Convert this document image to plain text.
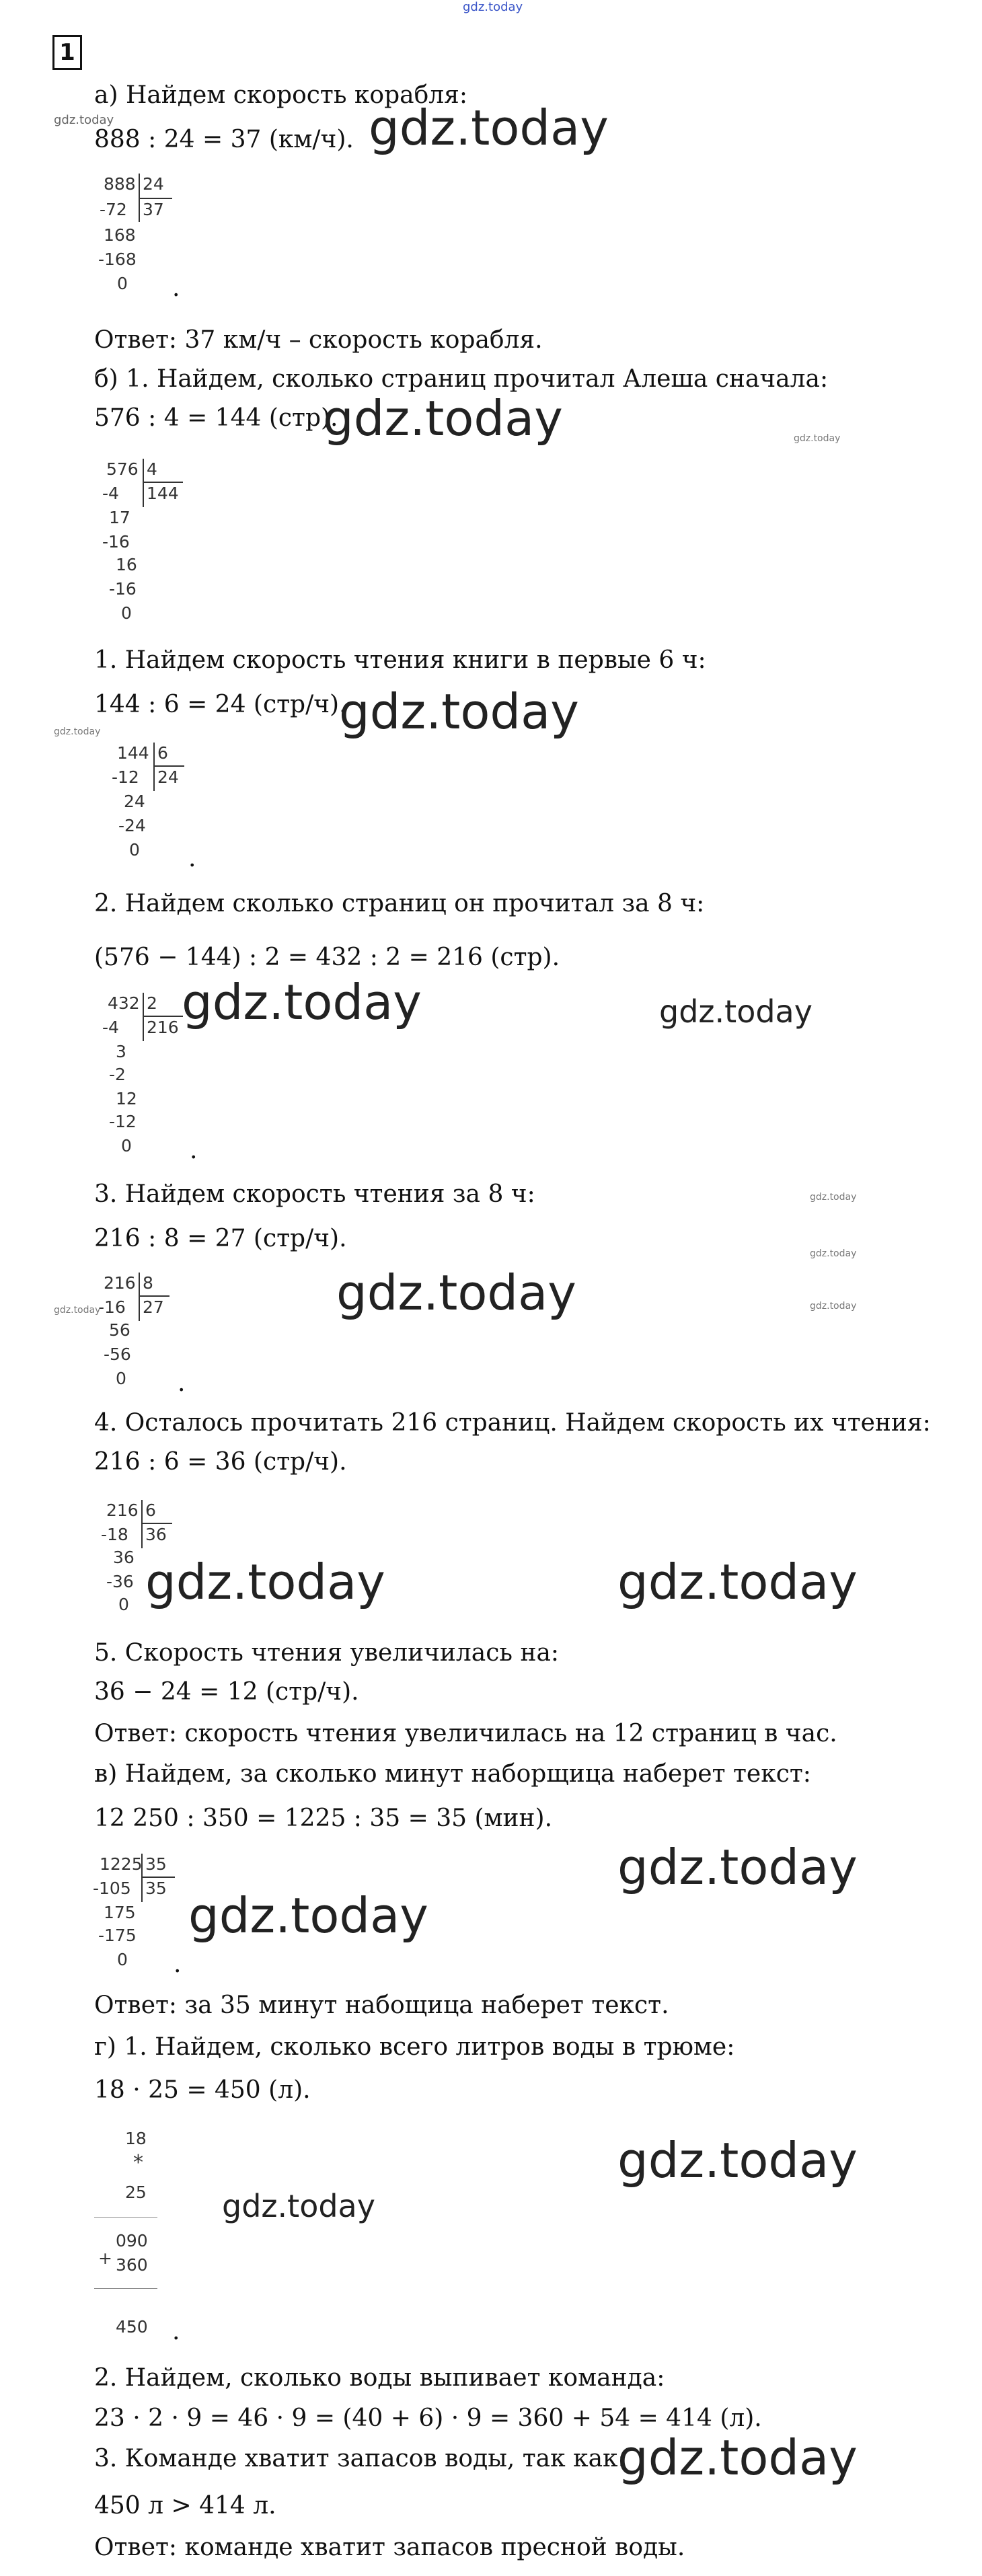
gdz.today
1
а) Найдем скорость корабля:
gdz.today
888 : 24 = 37 (км/ч). gdz.today
888 24
37
-72
168
-168
0 .
Ответ: 37 км/ч – скорость корабля.
б) 1. Найдем, сколько страниц прочитал Алеша сначала:
576 : 4 = 144 (стр).
gdz.today	gdz.today
576 4
144
-4
17
-16
16
-16
0
1. Найдем скорость чтения книги в первые 6 ч:
gdz.today
144 : 6 = 24 (стр/ч).
gdz.today
144 6
24
-12
24
-24
0 .
2. Найдем сколько страниц он прочитал за 8 ч:
(576 − 144) : 2 = 432 : 2 = 216 (стр).
432 2
216
-4
3
-2
12
-12
0
gdz.today	gdz.today
.
3. Найдем скорость чтения за 8 ч:	gdz.today
216 : 8 = 27 (стр/ч).
gdz.today
216 8
27
-16
56
-56
0
gdz.today	gdz.today	gdz.today
.
4. Осталось прочитать 216 страниц. Найдем скорость их чтения:
216 : 6 = 36 (стр/ч).
216 6
36
-18
36
-36
0 gdz.today	gdz.today
5. Скорость чтения увеличилась на:
36 − 24 = 12 (стр/ч).
Ответ: скорость чтения увеличилась на 12 страниц в час.
в) Найдем, за сколько минут наборщица наберет текст:
12 250 : 350 = 1225 : 35 = 35 (мин).
1225 35
35
-105
175
-175
0
gdz.today
gdz.today
.
Ответ: за 35 минут набощица наберет текст.
г) 1. Найдем, сколько всего литров воды в трюме:
18 · 25 = 450 (л).
18
*
25
090
+ 360
450 .
gdz.today
gdz.today
2. Найдем, сколько воды выпивает команда:
23 · 2 · 9 = 46 · 9 = (40 + 6) · 9 = 360 + 54 = 414 (л).
3. Команде хватит запасов воды, так как:
gdz.today
450 л > 414 л.
Ответ: команде хватит запасов пресной воды.
